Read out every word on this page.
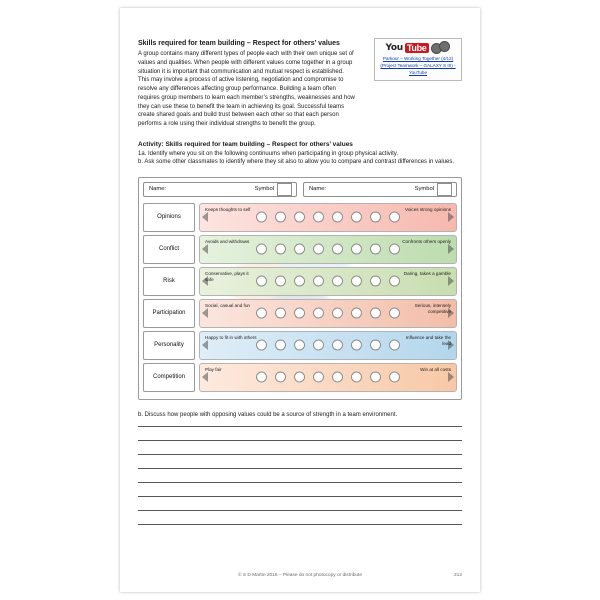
You Tube
Parkour – Working Together (4/12) (Project Teamwork – GALAXY S III) - YouTube
Skills required for team building – Respect for others’ values

A group contains many different types of people each with their own unique set of values and qualities. When people with different values come together in a group situation it is important that communication and mutual respect is established. This may involve a process of active listening, negotiation and compromise to resolve any differences affecting group performance. Building a team often requires group members to learn each member’s strengths, weaknesses and how they can use these to benefit the team in achieving its goal. Successful teams create shared goals and build trust between each other so that each person performs a role using their individual strengths to benefit the group.

Activity: Skills required for team building – Respect for others’ values

1a. Identify where you sit on the following continuums when participating in group physical activity.

b. Ask some other classmates to identify where they sit also to allow you to compare and contrast differences in values.

Name:	Symbol	Name:	Symbol
Opinions
Keeps thoughts to self	Voices strong opinions
Conflict
Avoids and withdraws	Confronts others openly
Risk
Conservative, plays it safe
Daring, takes a gamble
Participation
Social, casual and fun	Serious, intensely competitive
Personality
Happy to fit in with others	Influence and take the lead
Competition
Play fair	Win at all costs
b. Discuss how people with opposing values could be a source of strength in a team environment.
© S D Martin 2016 – Please do not photocopy or distribute	212
